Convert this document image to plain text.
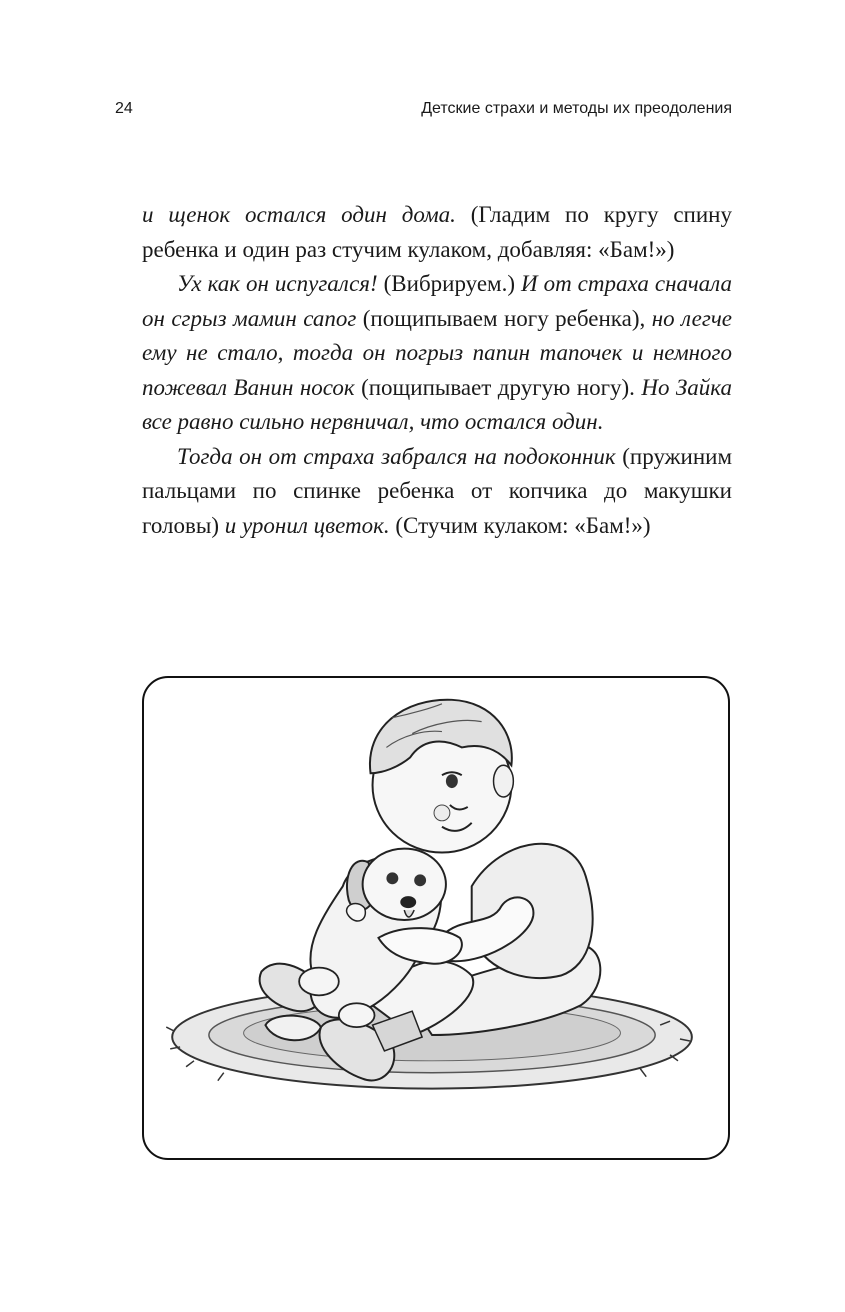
24	Детские страхи и методы их преодоления

и щенок остался один дома. (Гладим по кругу спину ребенка и один раз стучим кулаком, добавляя: «Бам!»)

Ух как он испугался! (Вибрируем.) И от страха сначала он сгрыз мамин сапог (пощипываем ногу ребенка), но легче ему не стало, тогда он погрыз папин тапочек и немного пожевал Ванин носок (пощипывает другую ногу). Но Зайка все равно сильно нервничал, что остался один.

Тогда он от страха забрался на подоконник (пружиним пальцами по спинке ребенка от копчика до макушки головы) и уронил цветок. (Стучим кулаком: «Бам!»)
